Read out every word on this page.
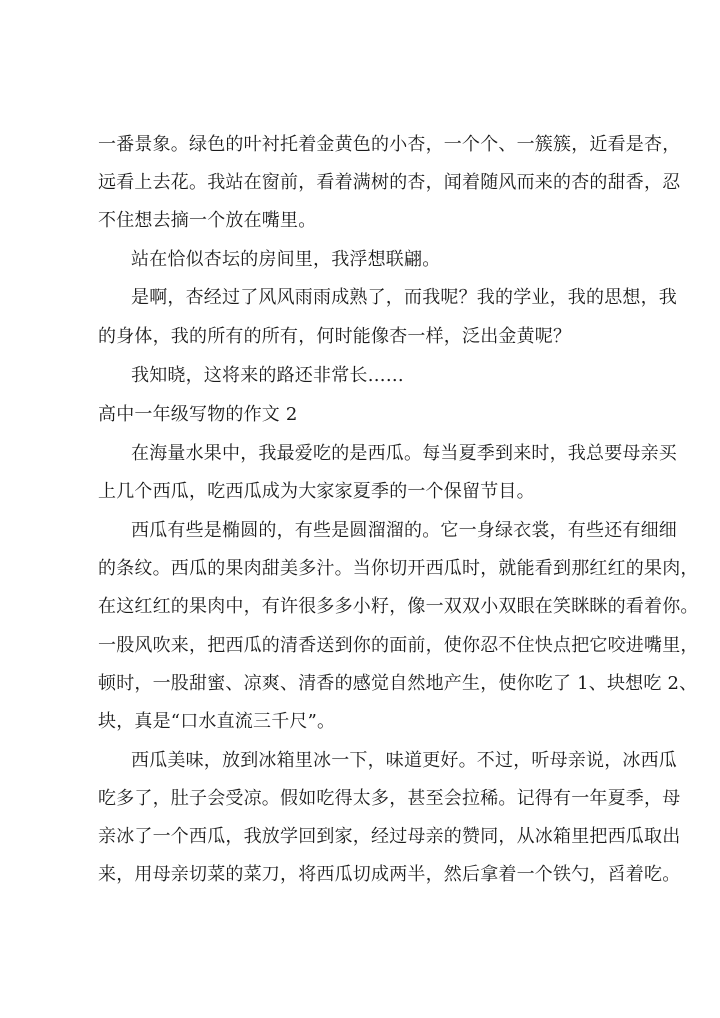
一番景象。绿色的叶衬托着金黄色的小杏，一个个、一簇簇，近看是杏，
远看上去花。我站在窗前，看着满树的杏，闻着随风而来的杏的甜香，忍
不住想去摘一个放在嘴里。
站在恰似杏坛的房间里，我浮想联翩。
是啊，杏经过了风风雨雨成熟了，而我呢？我的学业，我的思想，我
的身体，我的所有的所有，何时能像杏一样，泛出金黄呢？
我知晓，这将来的路还非常长……
高中一年级写物的作文 2
在海量水果中，我最爱吃的是西瓜。每当夏季到来时，我总要母亲买
上几个西瓜，吃西瓜成为大家家夏季的一个保留节目。
西瓜有些是椭圆的，有些是圆溜溜的。它一身绿衣裳，有些还有细细
的条纹。西瓜的果肉甜美多汁。当你切开西瓜时，就能看到那红红的果肉，
在这红红的果肉中，有许很多多小籽，像一双双小双眼在笑眯眯的看着你。
一股风吹来，把西瓜的清香送到你的面前，使你忍不住快点把它咬进嘴里，
顿时，一股甜蜜、凉爽、清香的感觉自然地产生，使你吃了 1、块想吃 2、
块，真是“口水直流三千尺”。
西瓜美味，放到冰箱里冰一下，味道更好。不过，听母亲说，冰西瓜
吃多了，肚子会受凉。假如吃得太多，甚至会拉稀。记得有一年夏季，母
亲冰了一个西瓜，我放学回到家，经过母亲的赞同，从冰箱里把西瓜取出
来，用母亲切菜的菜刀，将西瓜切成两半，然后拿着一个铁勺，舀着吃。
